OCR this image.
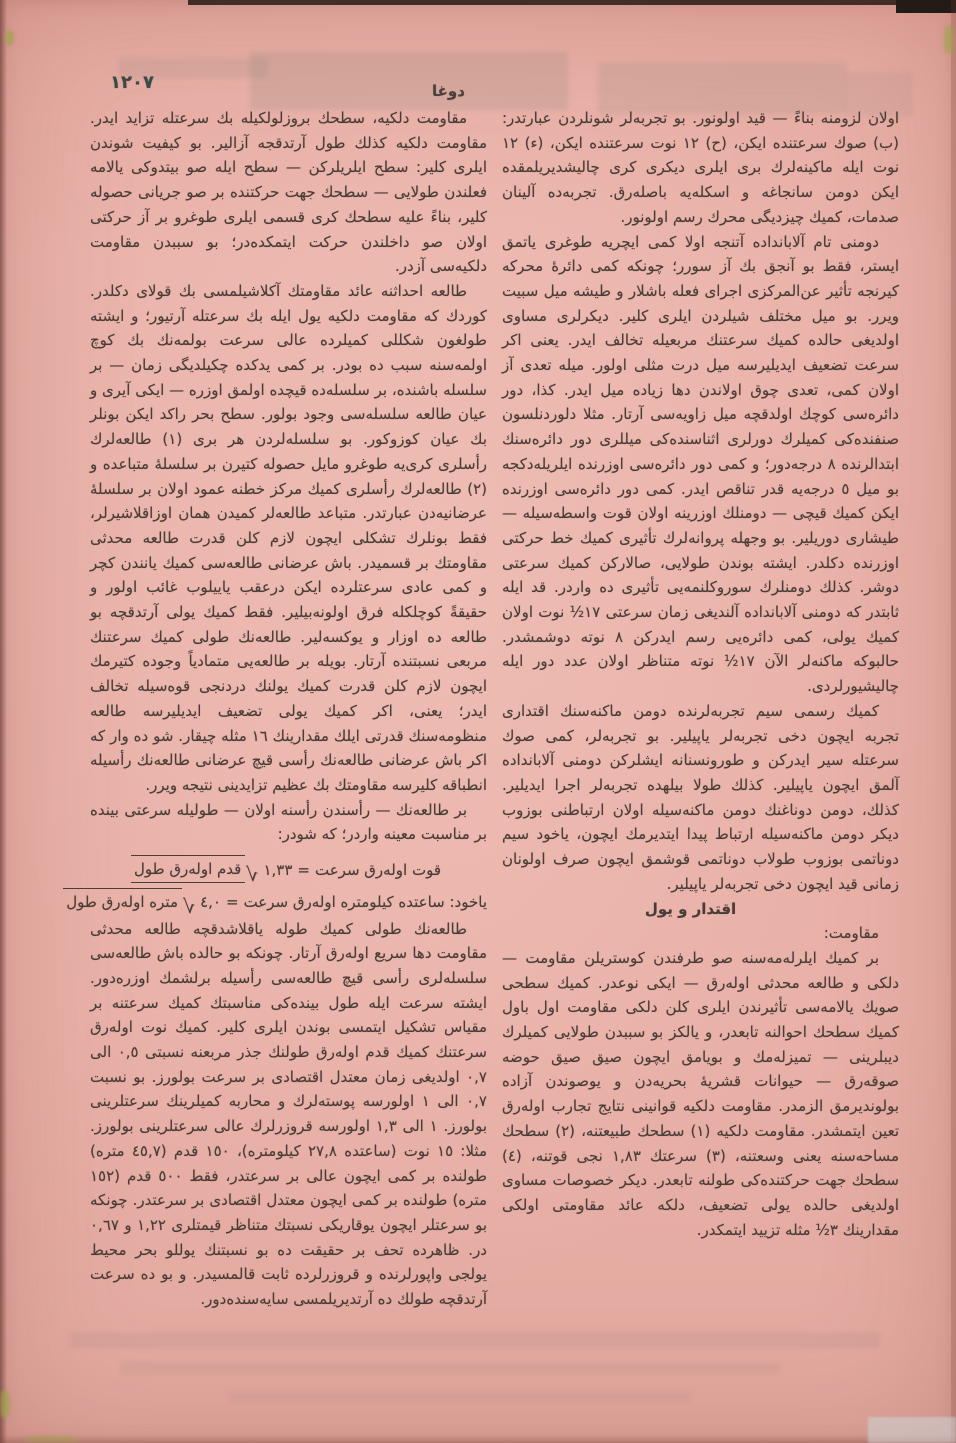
١٢٠٧	دوغا

اولان لزومنه بناءً — قید اولونور. بو تجربه‌لر شونلردن عبارتدر: (ب) صوك سرعتنده ایکن، (ح) ١٢ نوت سرعتنده ایکن، (ء) ١٢ نوت ایله ماکینه‌لرك بری ایلری دیکری کری چالیشدیریلمقده ایکن دومن سانجاغه و اسکله‌یه باصله‌رق. تجربه‌ده آلینان صدمات، کمیك چیزدیگی محرك رسم اولونور.

دومنی تام آلابانداده آتنجه اولا کمی ایچریه طوغری یاتمق ایستر، فقط بو آنجق بك آز سورر؛ چونکه کمی دائرهٔ محرکه کیرنجه تأثیر عن‌المرکزی اجرای فعله باشلار و طیشه میل سبیت ویرر. بو میل مختلف شیلردن ایلری کلیر. دیکرلری مساوی اولدیغی حالده کمیك سرعتنك مربعیله تخالف ایدر. یعنی اکر سرعت تضعیف ایدیلیرسه میل درت مثلی اولور. میله تعدی آز اولان کمی، تعدی چوق اولاندن دها زیاده میل ایدر. کذا، دور دائره‌سی کوچك اولدقچه میل زاویه‌سی آرتار. مثلا دلوردنلسون صنفنده‌کی کمیلرك دورلری اثناسنده‌کی میللری دور دائره‌سنك ابتدالرنده ٨ درجه‌دور؛ و کمی دور دائره‌سی اوزرنده ایلریله‌دکجه بو میل ٥ درجه‌یه قدر تناقص ایدر. کمی دور دائره‌سی اوزرنده ایکن کمیك قیچی — دومنلك اوزرینه اولان قوت واسطه‌سیله — طیشاری دوریلیر. بو وجهله پروانه‌لرك تأثیری کمیك خط حرکتی اوزرنده دکلدر. ایشته بوندن طولایی، صالارکن کمیك سرعتی دوشر. کذلك دومنلرك سوروکلنمه‌یی تأثیری ده واردر. قد ایله ثابتدر که دومنی آلابانداده آلندیغی زمان سرعتی ١٧½ نوت اولان کمیك یولی، کمی دائره‌یی رسم ایدرکن ٨ نوته دوشمشدر. حالبوکه ماکنه‌لر الآن ١٧½ نوته متناظر اولان عدد دور ایله چالیشیورلردی.

کمیك رسمی سیم تجربه‌لرنده دومن ماکنه‌سنك اقتداری تجربه ایچون دخی تجربه‌لر یاپیلیر. بو تجربه‌لر، کمی صوك سرعتله سیر ایدرکن و طورونسنانه ایشلرکن دومنی آلابانداده آلمق ایچون یاپیلیر. کذلك طولا بیلهده تجربه‌لر اجرا ایدیلیر. کذلك، دومن دوناغنك دومن ماکنه‌سیله اولان ارتباطنی بوزوب دیکر دومن ماکنه‌سیله ارتباط پیدا ایتدیرمك ایچون، یاخود سیم دوناتمی بوزوب طولاب دوناتمی قوشمق ایچون صرف اولونان زمانی قید ایچون دخی تجربه‌لر یاپیلیر.

اقتدار و یول

مقاومت:

بر کمیك ایلرله‌مه‌سنه صو طرفندن کوستریلن مقاومت — دلکی و طالعه محدثی اوله‌رق — ایکی نوعدر. کمیك سطحی صویك یالامه‌سی تأثیرندن ایلری کلن دلکی مقاومت اول باول کمیك سطحك احوالنه تابعدر، و یالکز بو سببدن طولایی کمیلرك دیبلرینی — تمیزله‌مك و بویامق ایچون صیق صیق حوضه صوقه‌رق — حیوانات قشریهٔ بحریه‌دن و یوصوندن آزاده بولوندیرمق الزمدر. مقاومت دلکیه قوانینی نتایج تجارب اوله‌رق تعین ایتمشدر. مقاومت دلکیه (١) سطحك طبیعتنه، (٢) سطحك مساحه‌سنه یعنی وسعتنه، (٣) سرعتك ١,٨٣ نجی قوتنه، (٤) سطحك جهت حرکتنده‌کی طولنه تابعدر. دیکر خصوصات مساوی اولدیغی حالده یولی تضعیف، دلکه عائد مقاومتی اولکی مقدارینك ٣½ مثله تزیید ایتمکدر.

مقاومت دلکیه، سطحك بروزلولکیله بك سرعتله تزاید ایدر. مقاومت دلکیه کذلك طول آرتدقجه آزالیر. بو کیفیت شوندن ایلری کلیر: سطح ایلریلرکن — سطح ایله صو بیتدوکی یالامه فعلندن طولایی — سطحك جهت حرکتنده بر صو جریانی حصوله کلیر، بناءً علیه سطحك کری قسمی ایلری طوغرو بر آز حرکتی اولان صو داخلندن حرکت ایتمکده‌در؛ بو سببدن مقاومت دلکیه‌سی آزدر.

طالعه احداثنه عائد مقاومتك آکلاشیلمسی بك قولای دکلدر. کوردك که مقاومت دلکیه یول ایله بك سرعتله آرتیور؛ و ایشته طولغون شکللی کمیلرده عالی سرعت بولمه‌نك بك کوچ اولمه‌سنه سبب ده بودر. بر کمی یدکده چکیلدیگی زمان — بر سلسله باشنده، بر سلسله‌ده قیچده اولمق اوزره — ایکی آیری و عیان طالعه سلسله‌سی وجود بولور. سطح بحر راکد ایکن بونلر بك عیان کوزوکور. بو سلسله‌لردن هر بری (١) طالعه‌لرك رأسلری کری‌یه طوغرو مایل حصوله کتیرن بر سلسلهٔ متباعده و (٢) طالعه‌لرك رأسلری کمیك مرکز خطنه عمود اولان بر سلسلهٔ عرضانیه‌دن عبارتدر. متباعد طالعه‌لر کمیدن همان اوزاقلاشیرلر، فقط بونلرك تشکلی ایچون لازم کلن قدرت طالعه محدثی مقاومتك بر قسمیدر. باش عرضانی طالعه‌سی کمیك یانندن کچر و کمی عادی سرعتلرده ایکن درعقب یاییلوب غائب اولور و حقیقةً کوچلکله فرق اولونه‌بیلیر. فقط کمیك یولی آرتدقچه بو طالعه ده اوزار و یوکسه‌لیر. طالعه‌نك طولی کمیك سرعتنك مربعی نسبتنده آرتار. بویله بر طالعه‌یی متمادیاً وجوده کتیرمك ایچون لازم کلن قدرت کمیك یولنك دردنجی قوه‌سیله تخالف ایدر؛ یعنی، اکر کمیك یولی تضعیف ایدیلیرسه طالعه منظومه‌سنك قدرتی ایلك مقدارینك ١٦ مثله چیقار. شو ده وار که اکر باش عرضانی طالعه‌نك رأسی قیچ عرضانی طالعه‌نك رأسیله انطباقه کلیرسه مقاومتك بك عظیم تزایدینی نتیجه ویرر.

بر طالعه‌نك — رأسندن رأسنه اولان — طولیله سرعتی بینده بر مناسبت معینه واردر؛ که شودر:

قوت اوله‌رق سرعت
=
١,٣٣
√
قدم اوله‌رق طول
یاخود: ساعتده کیلومتره اوله‌رق سرعت
=
٤,٠
√
متره اوله‌رق طول

طالعه‌نك طولی کمیك طوله یاقلاشدقچه طالعه محدثی مقاومت دها سریع اوله‌رق آرتار. چونکه بو حالده باش طالعه‌سی سلسله‌لری رأسی قیچ طالعه‌سی رأسیله برلشمك اوزره‌دور. ایشته سرعت ایله طول بینده‌کی مناسبتك کمیك سرعتنه بر مقیاس تشکیل ایتمسی بوندن ایلری کلیر. کمیك نوت اوله‌رق سرعتنك کمیك قدم اوله‌رق طولنك جذر مربعنه نسبتی ٠,٥ الی ٠,٧ اولدیغی زمان معتدل اقتصادی بر سرعت بولورز. بو نسبت ٠,٧ الی ١ اولورسه پوسته‌لرك و محاربه کمیلرینك سرعتلرینی بولورز. ١ الی ١,٣ اولورسه قروزرلرك عالی سرعتلرینی بولورز. مثلا: ١٥ نوت (ساعتده ٢٧,٨ کیلومتره)، ١٥٠ قدم (٤٥,٧ متره) طولنده بر کمی ایچون عالی بر سرعتدر، فقط ٥٠٠ قدم (١٥٢ متره) طولنده بر کمی ایچون معتدل اقتصادی بر سرعتدر. چونکه بو سرعتلر ایچون یوقاریکی نسبتك متناظر قیمتلری ١,٢٢ و ٠,٦٧ در. ظاهرده تحف بر حقیقت ده بو نسبتنك یوللو بحر محیط یولجی واپورلرنده و قروزرلرده ثابت قالمسیدر. و بو ده سرعت آرتدقچه طولك ده آرتدیریلمسی سایه‌سنده‌دور.
